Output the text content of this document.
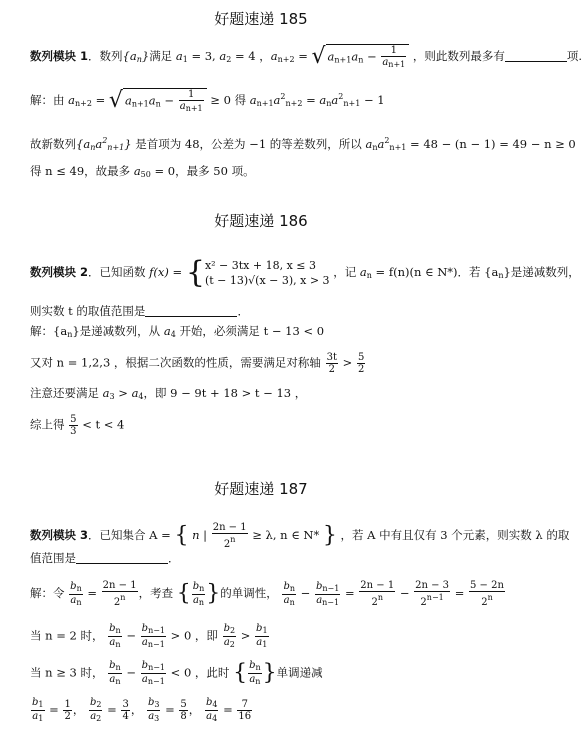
好题速递 185
数列模块 1．数列$\{a_n\}$满足 $a_1 = 3$, $a_2 = 4$ ，$a_{n+2}$ = √ $a_{n+1}a_n - \frac{1}{a_{n+1}}$ ，则此数列最多有	项.
解：由 $a_{n+2}$ = √ $a_{n+1}a_n - \frac{1}{a_{n+1}} \ge 0$ 得 $a_{n+1}a^2_{n+2} = a_na^2_{n+1} - 1$
故新数列$\{a_na^2_{n+1}\}$ 是首项为 48，公差为 −1 的等差数列，所以 $a_na^2_{n+1} = 48 - (n - 1) = 49 - n \ge 0$
得 n ≤ 49，故最多 $a_{50} = 0$，最多 50 项。
好题速递 186
数列模块 2．已知函数 f(x) = {x² − 3tx + 18, x ≤ 3
(t − 13)√(x − 3), x > 3 ，记 $a_n = f(n)(n$ ∈ N*)．若 $\{a_n\}$是递减数列，
则实数 t 的取值范围是	．
解：$\{a_n\}$是递减数列，从 $a_4$ 开始，必须满足 t − 13 < 0
又对 n = 1,2,3 ，根据二次函数的性质，需要满足对称轴 $\frac{3t}{2} > \frac{5}{2}$
注意还要满足 $a_3 > a_4$，即 9 − 9t + 18 > t − 13 ，
综上得 $\frac{5}{3} < t < 4$
好题速递 187
数列模块 3．已知集合 A = { n | $\frac{2n - 1}{2^n} \ge \lambda$, n ∈ N* } ，若 A 中有且仅有 3 个元素，则实数 λ 的取
值范围是	．
解：令 $\frac{b_n}{a_n} = \frac{2n - 1}{2^n}$ ，考查 { $\frac{b_n}{a_n}$ }的单调性， $\frac{b_n}{a_n} - \frac{b_{n-1}}{a_{n-1}} = \frac{2n - 1}{2^n} - \frac{2n - 3}{2^{n-1}} = \frac{5 - 2n}{2^n}$
当 n = 2 时， $\frac{b_n}{a_n} - \frac{b_{n-1}}{a_{n-1}} > 0$ ，即 $\frac{b_2}{a_2} > \frac{b_1}{a_1}$
当 n ≥ 3 时， $\frac{b_n}{a_n} - \frac{b_{n-1}}{a_{n-1}} < 0$ ，此时 { $\frac{b_n}{a_n}$ }单调递减
$\frac{b_1}{a_1} = \frac{1}{2}$ ， $\frac{b_2}{a_2} = \frac{3}{4}$ ， $\frac{b_3}{a_3} = \frac{5}{8}$ ， $\frac{b_4}{a_4} = \frac{7}{16}$
